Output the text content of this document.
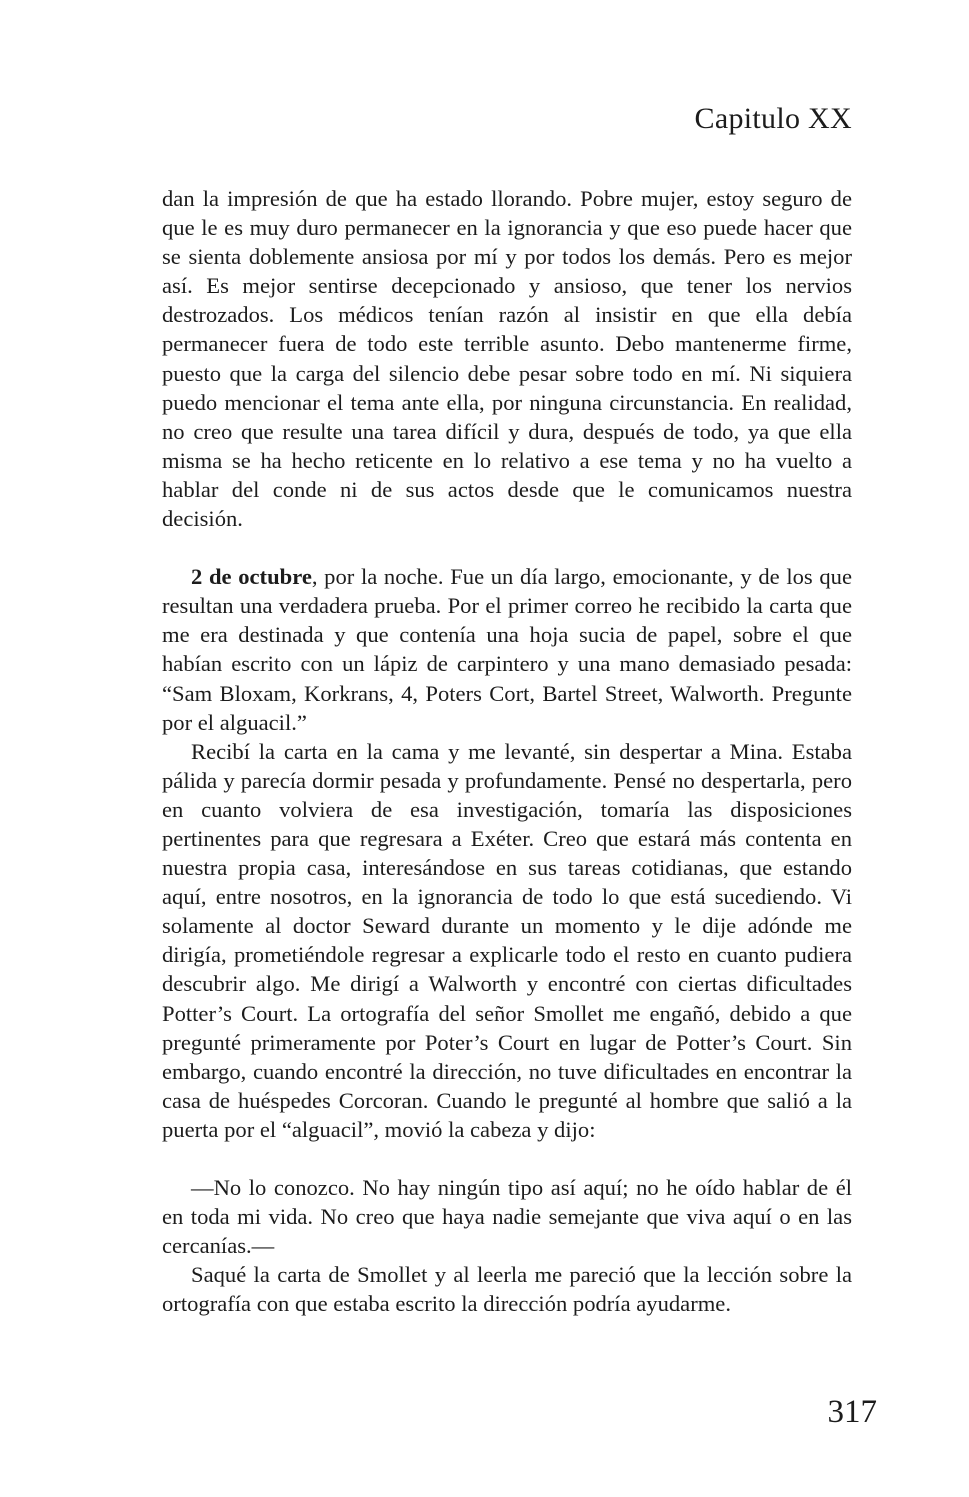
Capitulo XX

dan la impresión de que ha estado llorando. Pobre mujer, estoy seguro de que le es muy duro permanecer en la ignorancia y que eso puede hacer que se sienta doblemente ansiosa por mí y por todos los demás. Pero es mejor así. Es mejor sentirse decepcionado y ansioso, que tener los nervios destrozados. Los médicos tenían razón al insistir en que ella debía permanecer fuera de todo este terrible asunto. Debo mantenerme firme, puesto que la carga del silencio debe pesar sobre todo en mí. Ni siquiera puedo mencionar el tema ante ella, por ninguna circunstancia. En realidad, no creo que resulte una tarea difícil y dura, después de todo, ya que ella misma se ha hecho reticente en lo relativo a ese tema y no ha vuelto a hablar del conde ni de sus actos desde que le comunicamos nuestra decisión.

2 de octubre, por la noche. Fue un día largo, emocionante, y de los que resultan una verdadera prueba. Por el primer correo he recibido la carta que me era destinada y que contenía una hoja sucia de papel, sobre el que habían escrito con un lápiz de carpintero y una mano demasiado pesada: “Sam Bloxam, Korkrans, 4, Poters Cort, Bartel Street, Walworth. Pregunte por el alguacil.”

Recibí la carta en la cama y me levanté, sin despertar a Mina. Estaba pálida y parecía dormir pesada y profundamente. Pensé no despertarla, pero en cuanto volviera de esa investigación, tomaría las disposiciones pertinentes para que regresara a Exéter. Creo que estará más contenta en nuestra propia casa, interesándose en sus tareas cotidianas, que estando aquí, entre nosotros, en la ignorancia de todo lo que está sucediendo. Vi solamente al doctor Seward durante un momento y le dije adónde me dirigía, prometiéndole regresar a explicarle todo el resto en cuanto pudiera descubrir algo. Me dirigí a Walworth y encontré con ciertas dificultades Potter’s Court. La ortografía del señor Smollet me engañó, debido a que pregunté primeramente por Poter’s Court en lugar de Potter’s Court. Sin embargo, cuando encontré la dirección, no tuve dificultades en encontrar la casa de huéspedes Corcoran. Cuando le pregunté al hombre que salió a la puerta por el “alguacil”, movió la cabeza y dijo:

—No lo conozco. No hay ningún tipo así aquí; no he oído hablar de él en toda mi vida. No creo que haya nadie semejante que viva aquí o en las cercanías.—

Saqué la carta de Smollet y al leerla me pareció que la lección sobre la ortografía con que estaba escrito la dirección podría ayudarme.

317
